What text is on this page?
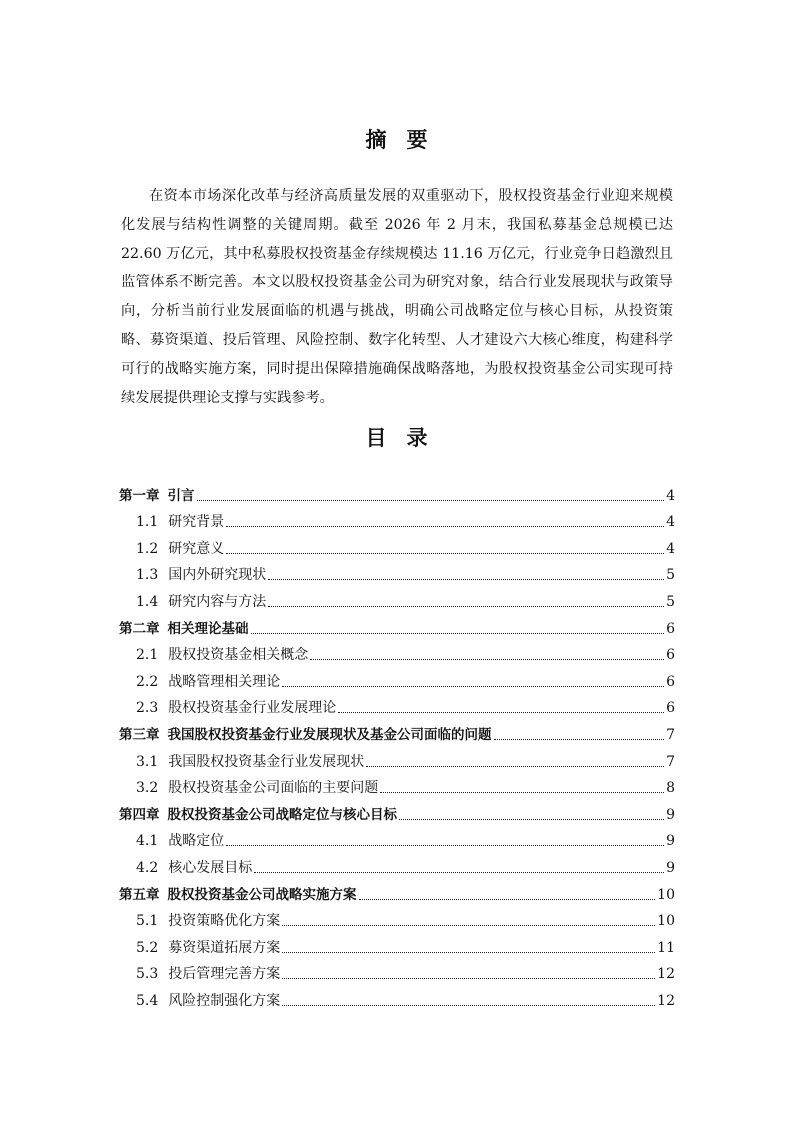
摘要

在资本市场深化改革与经济高质量发展的双重驱动下，股权投资基金行业迎来规模化发展与结构性调整的关键周期。截至 2026 年 2 月末，我国私募基金总规模已达 22.60 万亿元，其中私募股权投资基金存续规模达 11.16 万亿元，行业竞争日趋激烈且监管体系不断完善。本文以股权投资基金公司为研究对象，结合行业发展现状与政策导向，分析当前行业发展面临的机遇与挑战，明确公司战略定位与核心目标，从投资策略、募资渠道、投后管理、风险控制、数字化转型、人才建设六大核心维度，构建科学可行的战略实施方案，同时提出保障措施确保战略落地，为股权投资基金公司实现可持续发展提供理论支撑与实践参考。

目录
第一章 引言	4
1.1 研究背景	4
1.2 研究意义	4
1.3 国内外研究现状	5
1.4 研究内容与方法	5
第二章 相关理论基础	6
2.1 股权投资基金相关概念	6
2.2 战略管理相关理论	6
2.3 股权投资基金行业发展理论	6
第三章 我国股权投资基金行业发展现状及基金公司面临的问题	7
3.1 我国股权投资基金行业发展现状	7
3.2 股权投资基金公司面临的主要问题	8
第四章 股权投资基金公司战略定位与核心目标	9
4.1 战略定位	9
4.2 核心发展目标	9
第五章 股权投资基金公司战略实施方案	10
5.1 投资策略优化方案	10
5.2 募资渠道拓展方案	11
5.3 投后管理完善方案	12
5.4 风险控制强化方案	12
